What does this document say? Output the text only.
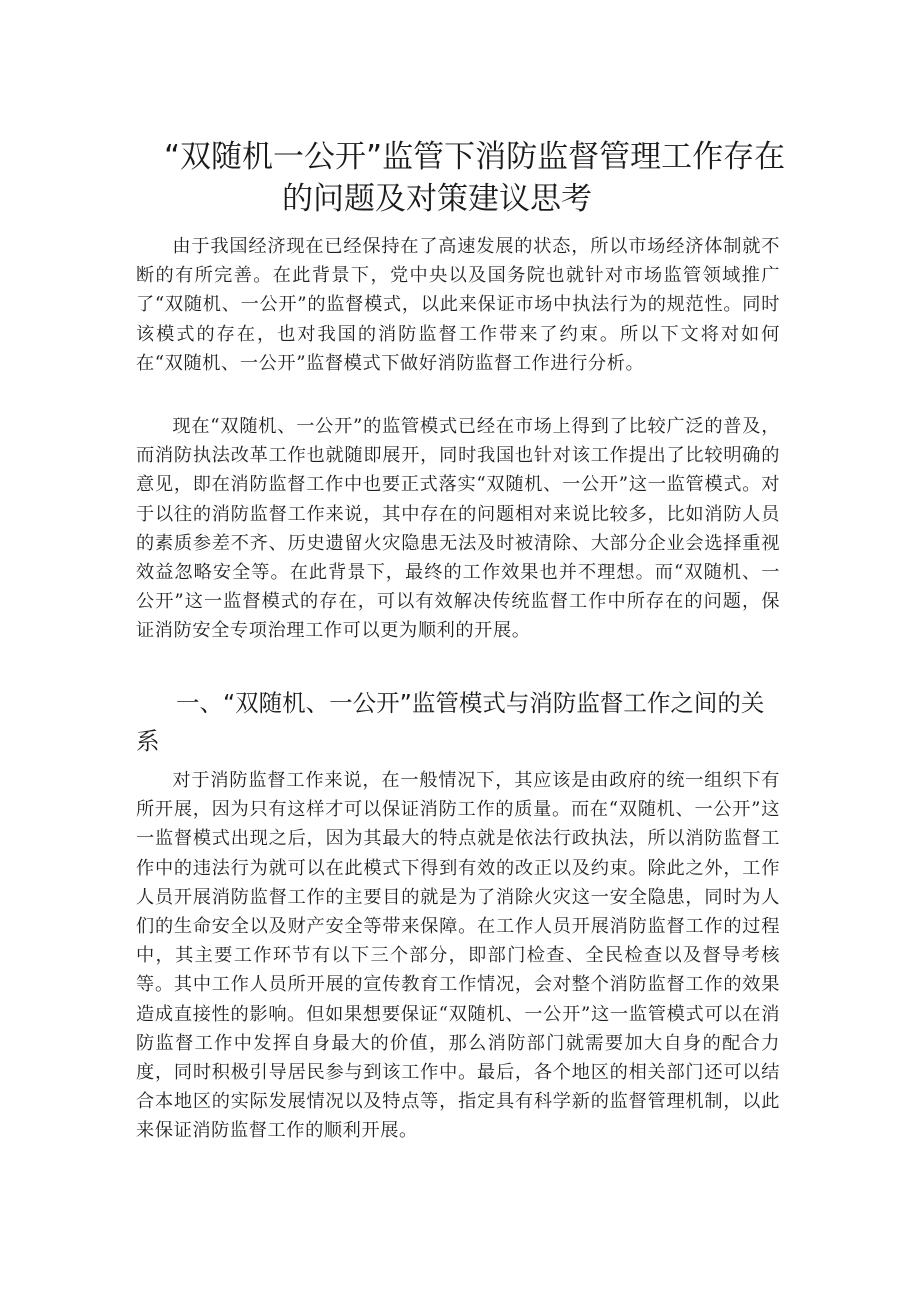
“双随机一公开”监管下消防监督管理工作存在
的问题及对策建议思考

由于我国经济现在已经保持在了高速发展的状态，所以市场经济体制就不断的有所完善。在此背景下，党中央以及国务院也就针对市场监管领域推广了“双随机、一公开”的监督模式，以此来保证市场中执法行为的规范性。同时该模式的存在，也对我国的消防监督工作带来了约束。所以下文将对如何在“双随机、一公开”监督模式下做好消防监督工作进行分析。

现在“双随机、一公开”的监管模式已经在市场上得到了比较广泛的普及，而消防执法改革工作也就随即展开，同时我国也针对该工作提出了比较明确的意见，即在消防监督工作中也要正式落实“双随机、一公开”这一监管模式。对于以往的消防监督工作来说，其中存在的问题相对来说比较多，比如消防人员的素质参差不齐、历史遗留火灾隐患无法及时被清除、大部分企业会选择重视效益忽略安全等。在此背景下，最终的工作效果也并不理想。而“双随机、一公开”这一监督模式的存在，可以有效解决传统监督工作中所存在的问题，保证消防安全专项治理工作可以更为顺利的开展。

一、“双随机、一公开”监管模式与消防监督工作之间的关系

对于消防监督工作来说，在一般情况下，其应该是由政府的统一组织下有所开展，因为只有这样才可以保证消防工作的质量。而在“双随机、一公开”这一监督模式出现之后，因为其最大的特点就是依法行政执法，所以消防监督工作中的违法行为就可以在此模式下得到有效的改正以及约束。除此之外，工作人员开展消防监督工作的主要目的就是为了消除火灾这一安全隐患，同时为人们的生命安全以及财产安全等带来保障。在工作人员开展消防监督工作的过程中，其主要工作环节有以下三个部分，即部门检查、全民检查以及督导考核等。其中工作人员所开展的宣传教育工作情况，会对整个消防监督工作的效果造成直接性的影响。但如果想要保证“双随机、一公开”这一监管模式可以在消防监督工作中发挥自身最大的价值，那么消防部门就需要加大自身的配合力度，同时积极引导居民参与到该工作中。最后，各个地区的相关部门还可以结合本地区的实际发展情况以及特点等，指定具有科学新的监督管理机制，以此来保证消防监督工作的顺利开展。
